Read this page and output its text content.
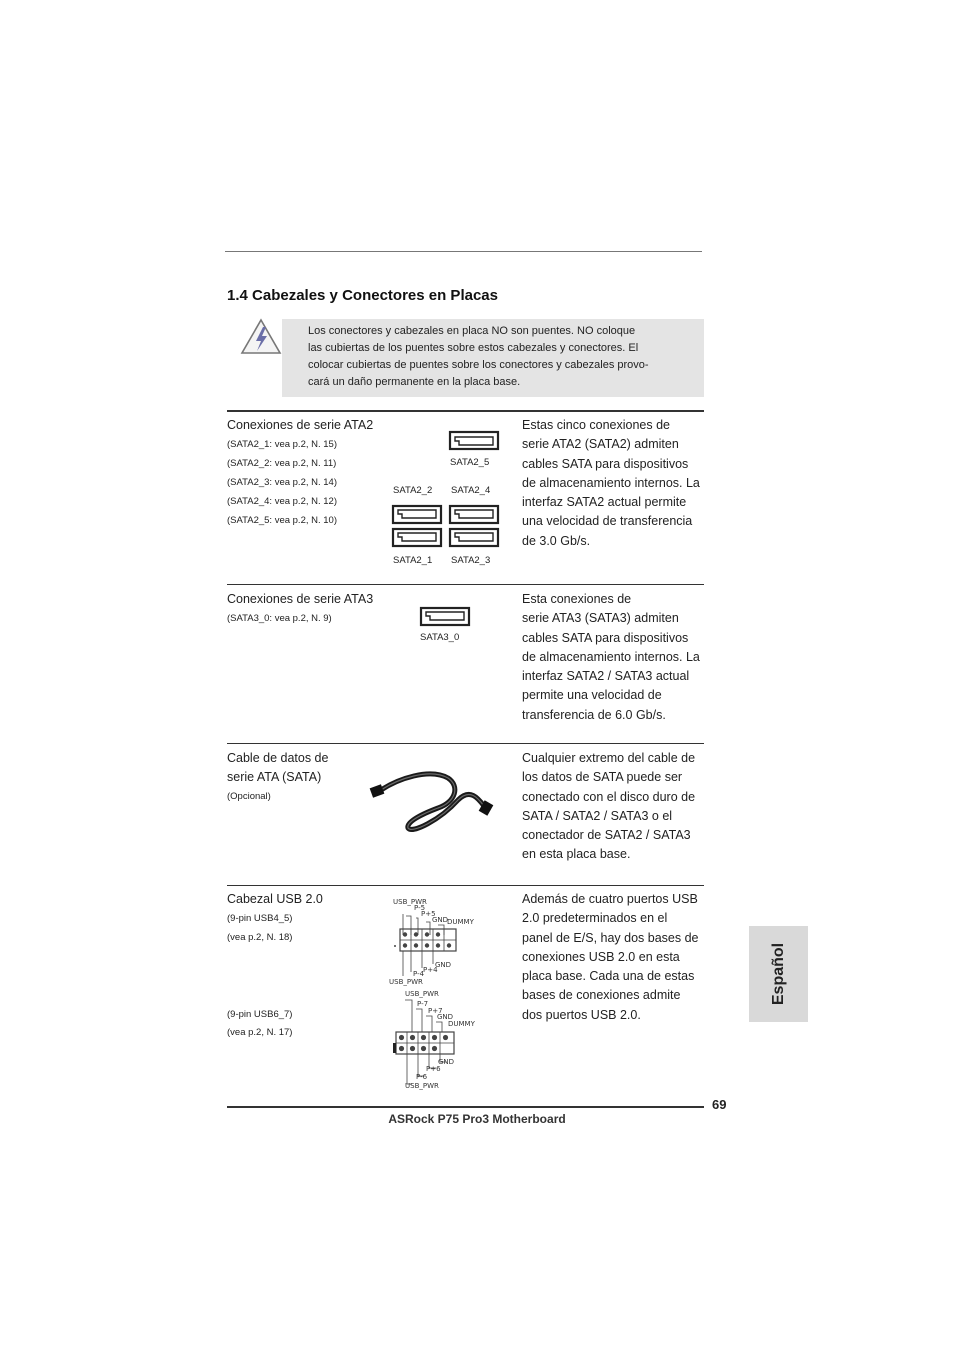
1.4 Cabezales y Conectores en Placas
Los conectores y cabezales en placa NO son puentes. NO coloque
las cubiertas de los puentes sobre estos cabezales y conectores. El
colocar cubiertas de puentes sobre los conectores y cabezales provo-
cará un daño permanente en la placa base.
Conexiones de serie ATA2
(SATA2_1: vea p.2, N. 15)
(SATA2_2: vea p.2, N. 11)
(SATA2_3: vea p.2, N. 14)
(SATA2_4: vea p.2, N. 12)
(SATA2_5: vea p.2, N. 10)
SATA2_5
SATA2_2 SATA2_4
SATA2_1 SATA2_3
Estas cinco conexiones de
serie ATA2 (SATA2) admiten
cables SATA para dispositivos
de almacenamiento internos. La
interfaz SATA2 actual permite
una velocidad de transferencia
de 3.0 Gb/s.
Conexiones de serie ATA3
(SATA3_0: vea p.2, N. 9)
SATA3_0
Esta conexiones de
serie ATA3 (SATA3) admiten
cables SATA para dispositivos
de almacenamiento internos. La
interfaz SATA2 / SATA3 actual
permite una velocidad de
transferencia de 6.0 Gb/s.
Cable de datos de
serie ATA (SATA)
(Opcional)
Cualquier extremo del cable de
los datos de SATA puede ser
conectado con el disco duro de
SATA / SATA2 / SATA3 o el
conectador de SATA2 / SATA3
en esta placa base.
Cabezal USB 2.0
(9-pin USB4_5)
(vea p.2, N. 18)
(9-pin USB6_7)
(vea p.2, N. 17)
USB_PWR
P-5
P+5
GND
DUMMY
GND
P+4
P-4
USB_PWR
USB_PWR
P-7
P+7
GND
DUMMY
GND
P+6
P-6
USB_PWR
Además de cuatro puertos USB
2.0 predeterminados en el
panel de E/S, hay dos bases de
conexiones USB 2.0 en esta
placa base. Cada una de estas
bases de conexiones admite
dos puertos USB 2.0.
Español
69
ASRock P75 Pro3 Motherboard
